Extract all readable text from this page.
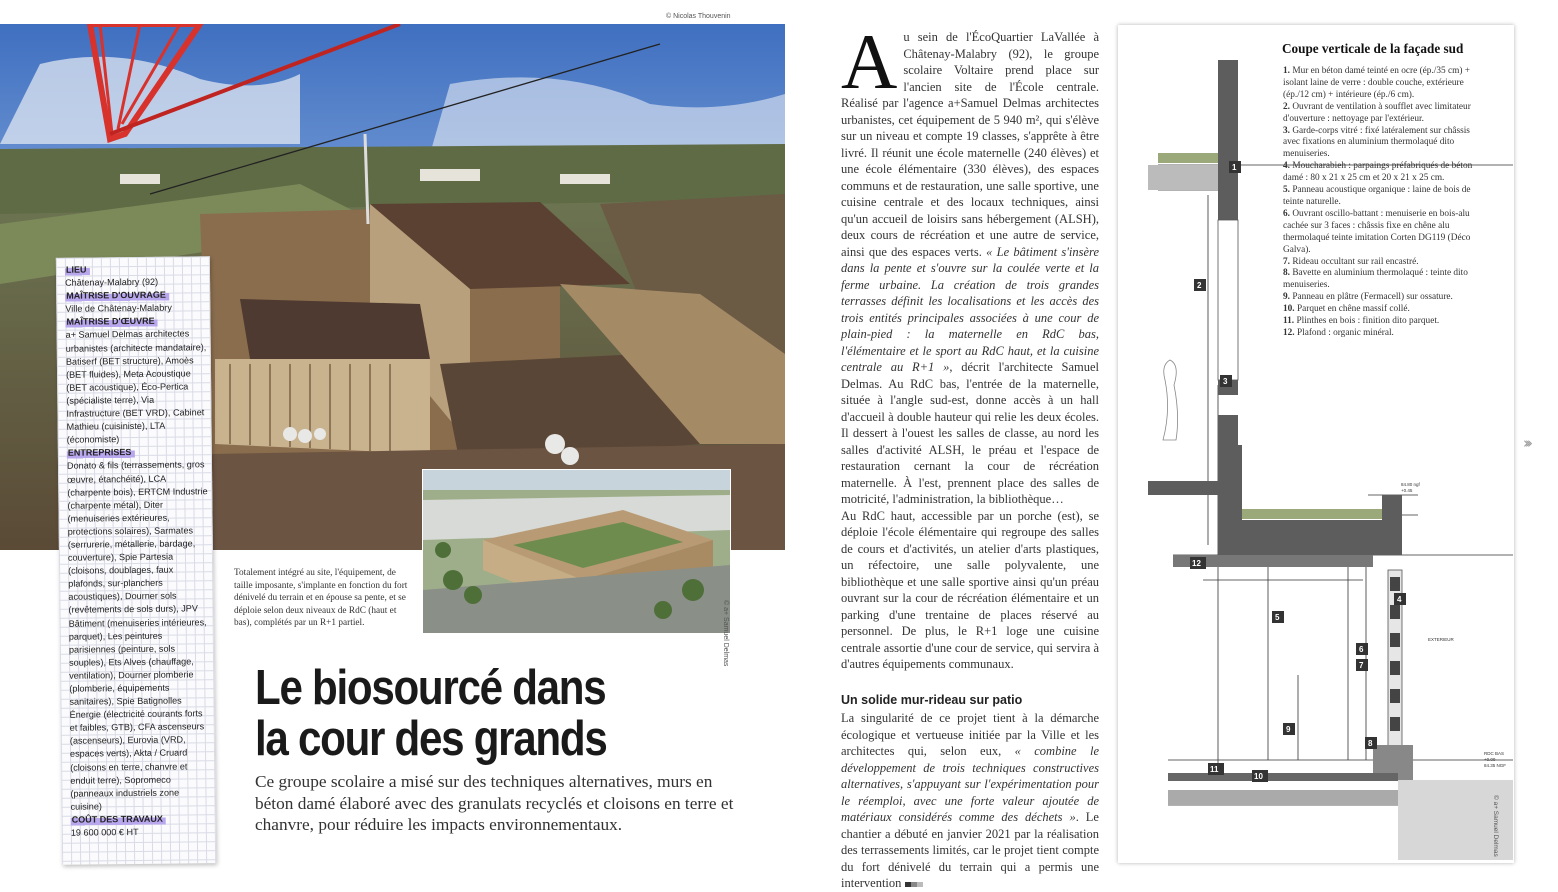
© Nicolas Thouvenin
LIEU
Châtenay-Malabry (92)
MAÎTRISE D'OUVRAGE
Ville de Châtenay-Malabry
MAÎTRISE D'ŒUVRE
a+ Samuel Delmas architectes urbanistes (architecte mandataire), Batiserf (BET structure), Amoès (BET fluides), Meta Acoustique (BET acoustique), Éco-Pertica (spécialiste terre), Via Infrastructure (BET VRD), Cabinet Mathieu (cuisiniste), LTA (économiste)
ENTREPRISES
Donato & fils (terrassements, gros œuvre, étanchéité), LCA (charpente bois), ERTCM Industrie (charpente métal), Diter (menuiseries extérieures, protections solaires), Sarmates (serrurerie, métallerie, bardage, couverture), Spie Partesia (cloisons, doublages, faux plafonds, sur-planchers acoustiques), Dourner sols (revêtements de sols durs), JPV Bâtiment (menuiseries intérieures, parquet), Les peintures parisiennes (peinture, sols souples), Ets Alves (chauffage, ventilation), Dourner plomberie (plomberie, équipements sanitaires), Spie Batignolles Énergie (électricité courants forts et faibles, GTB), CFA ascenseurs (ascenseurs), Eurovia (VRD, espaces verts), Akta / Cruard (cloisons en terre, chanvre et enduit terre), Sopromeco (panneaux industriels zone cuisine)
COÛT DES TRAVAUX
19 600 000 € HT
Totalement intégré au site, l'équipement, de taille imposante, s'implante en fonction du fort dénivelé du terrain et en épouse sa pente, et se déploie selon deux niveaux de RdC (haut et bas), complétés par un R+1 partiel.	© a+ Samuel Delmas
Le biosourcé dans
la cour des grands
Ce groupe scolaire a misé sur des techniques alternatives, murs en béton damé élaboré avec des granulats recyclés et cloisons en terre et chanvre, pour réduire les impacts environnementaux.

Au sein de l'ÉcoQuartier LaVallée à Châtenay-Malabry (92), le groupe scolaire Voltaire prend place sur l'ancien site de l'École centrale. Réalisé par l'agence a+Samuel Delmas architectes urbanistes, cet équipement de 5 940 m², qui s'élève sur un niveau et compte 19 classes, s'apprête à être livré. Il réunit une école maternelle (240 élèves) et une école élémentaire (330 élèves), des espaces communs et de restauration, une salle sportive, une cuisine centrale et des locaux techniques, ainsi qu'un accueil de loisirs sans hébergement (ALSH), deux cours de récréation et une autre de service, ainsi que des espaces verts. « Le bâtiment s'insère dans la pente et s'ouvre sur la coulée verte et la ferme urbaine. La création de trois grandes terrasses définit les localisations et les accès des trois entités principales associées à une cour de plain-pied : la maternelle en RdC bas, l'élémentaire et le sport au RdC haut, et la cuisine centrale au R+1 », décrit l'architecte Samuel Delmas. Au RdC bas, l'entrée de la maternelle, située à l'angle sud-est, donne accès à un hall d'accueil à double hauteur qui relie les deux écoles. Il dessert à l'ouest les salles de classe, au nord les salles d'activité ALSH, le préau et l'espace de restauration cernant la cour de récréation maternelle. À l'est, prennent place des salles de motricité, l'administration, la bibliothèque…

Au RdC haut, accessible par un porche (est), se déploie l'école élémentaire qui regroupe des salles de cours et d'activités, un atelier d'arts plastiques, un réfectoire, une salle polyvalente, une bibliothèque et une salle sportive ainsi qu'un préau ouvrant sur la cour de récréation élémentaire et un parking d'une trentaine de places réservé au personnel. De plus, le R+1 loge une cuisine centrale assortie d'une cour de service, qui servira à d'autres équipements communaux.

Un solide mur-rideau sur patio

La singularité de ce projet tient à la démarche écologique et vertueuse initiée par la Ville et les architectes qui, selon eux, « combine le développement de trois techniques constructives alternatives, s'appuyant sur l'expérimentation pour le réemploi, avec une forte valeur ajoutée de matériaux considérés comme des déchets ». Le chantier a débuté en janvier 2021 par la réalisation des terrassements limités, car le projet tient compte du fort dénivelé du terrain qui a permis une intervention

1
2
3
4
5
6
7
8
9
10
11
12
EXTERIEUR
84.80 ngf
+0.45
RDC BAS
+0.00
84.35 NGF
Coupe verticale de la façade sud
1. Mur en béton damé teinté en ocre (ép./35 cm) + isolant laine de verre : double couche, extérieure (ép./12 cm) + intérieure (ép./6 cm).
2. Ouvrant de ventilation à soufflet avec limitateur d'ouverture : nettoyage par l'extérieur.
3. Garde-corps vitré : fixé latéralement sur châssis avec fixations en aluminium thermolaqué dito menuiseries.
4. Moucharabieh : parpaings préfabriqués de béton damé : 80 x 21 x 25 cm et 20 x 21 x 25 cm.
5. Panneau acoustique organique : laine de bois de teinte naturelle.
6. Ouvrant oscillo-battant : menuiserie en bois-alu cachée sur 3 faces : châssis fixe en chêne alu thermolaqué teinte imitation Corten DG119 (Déco Galva).
7. Rideau occultant sur rail encastré.
8. Bavette en aluminium thermolaqué : teinte dito menuiseries.
9. Panneau en plâtre (Fermacell) sur ossature.
10. Parquet en chêne massif collé.
11. Plinthes en bois : finition dito parquet.
12. Plafond : organic minéral.
© a+ Samuel Delmas
›››
